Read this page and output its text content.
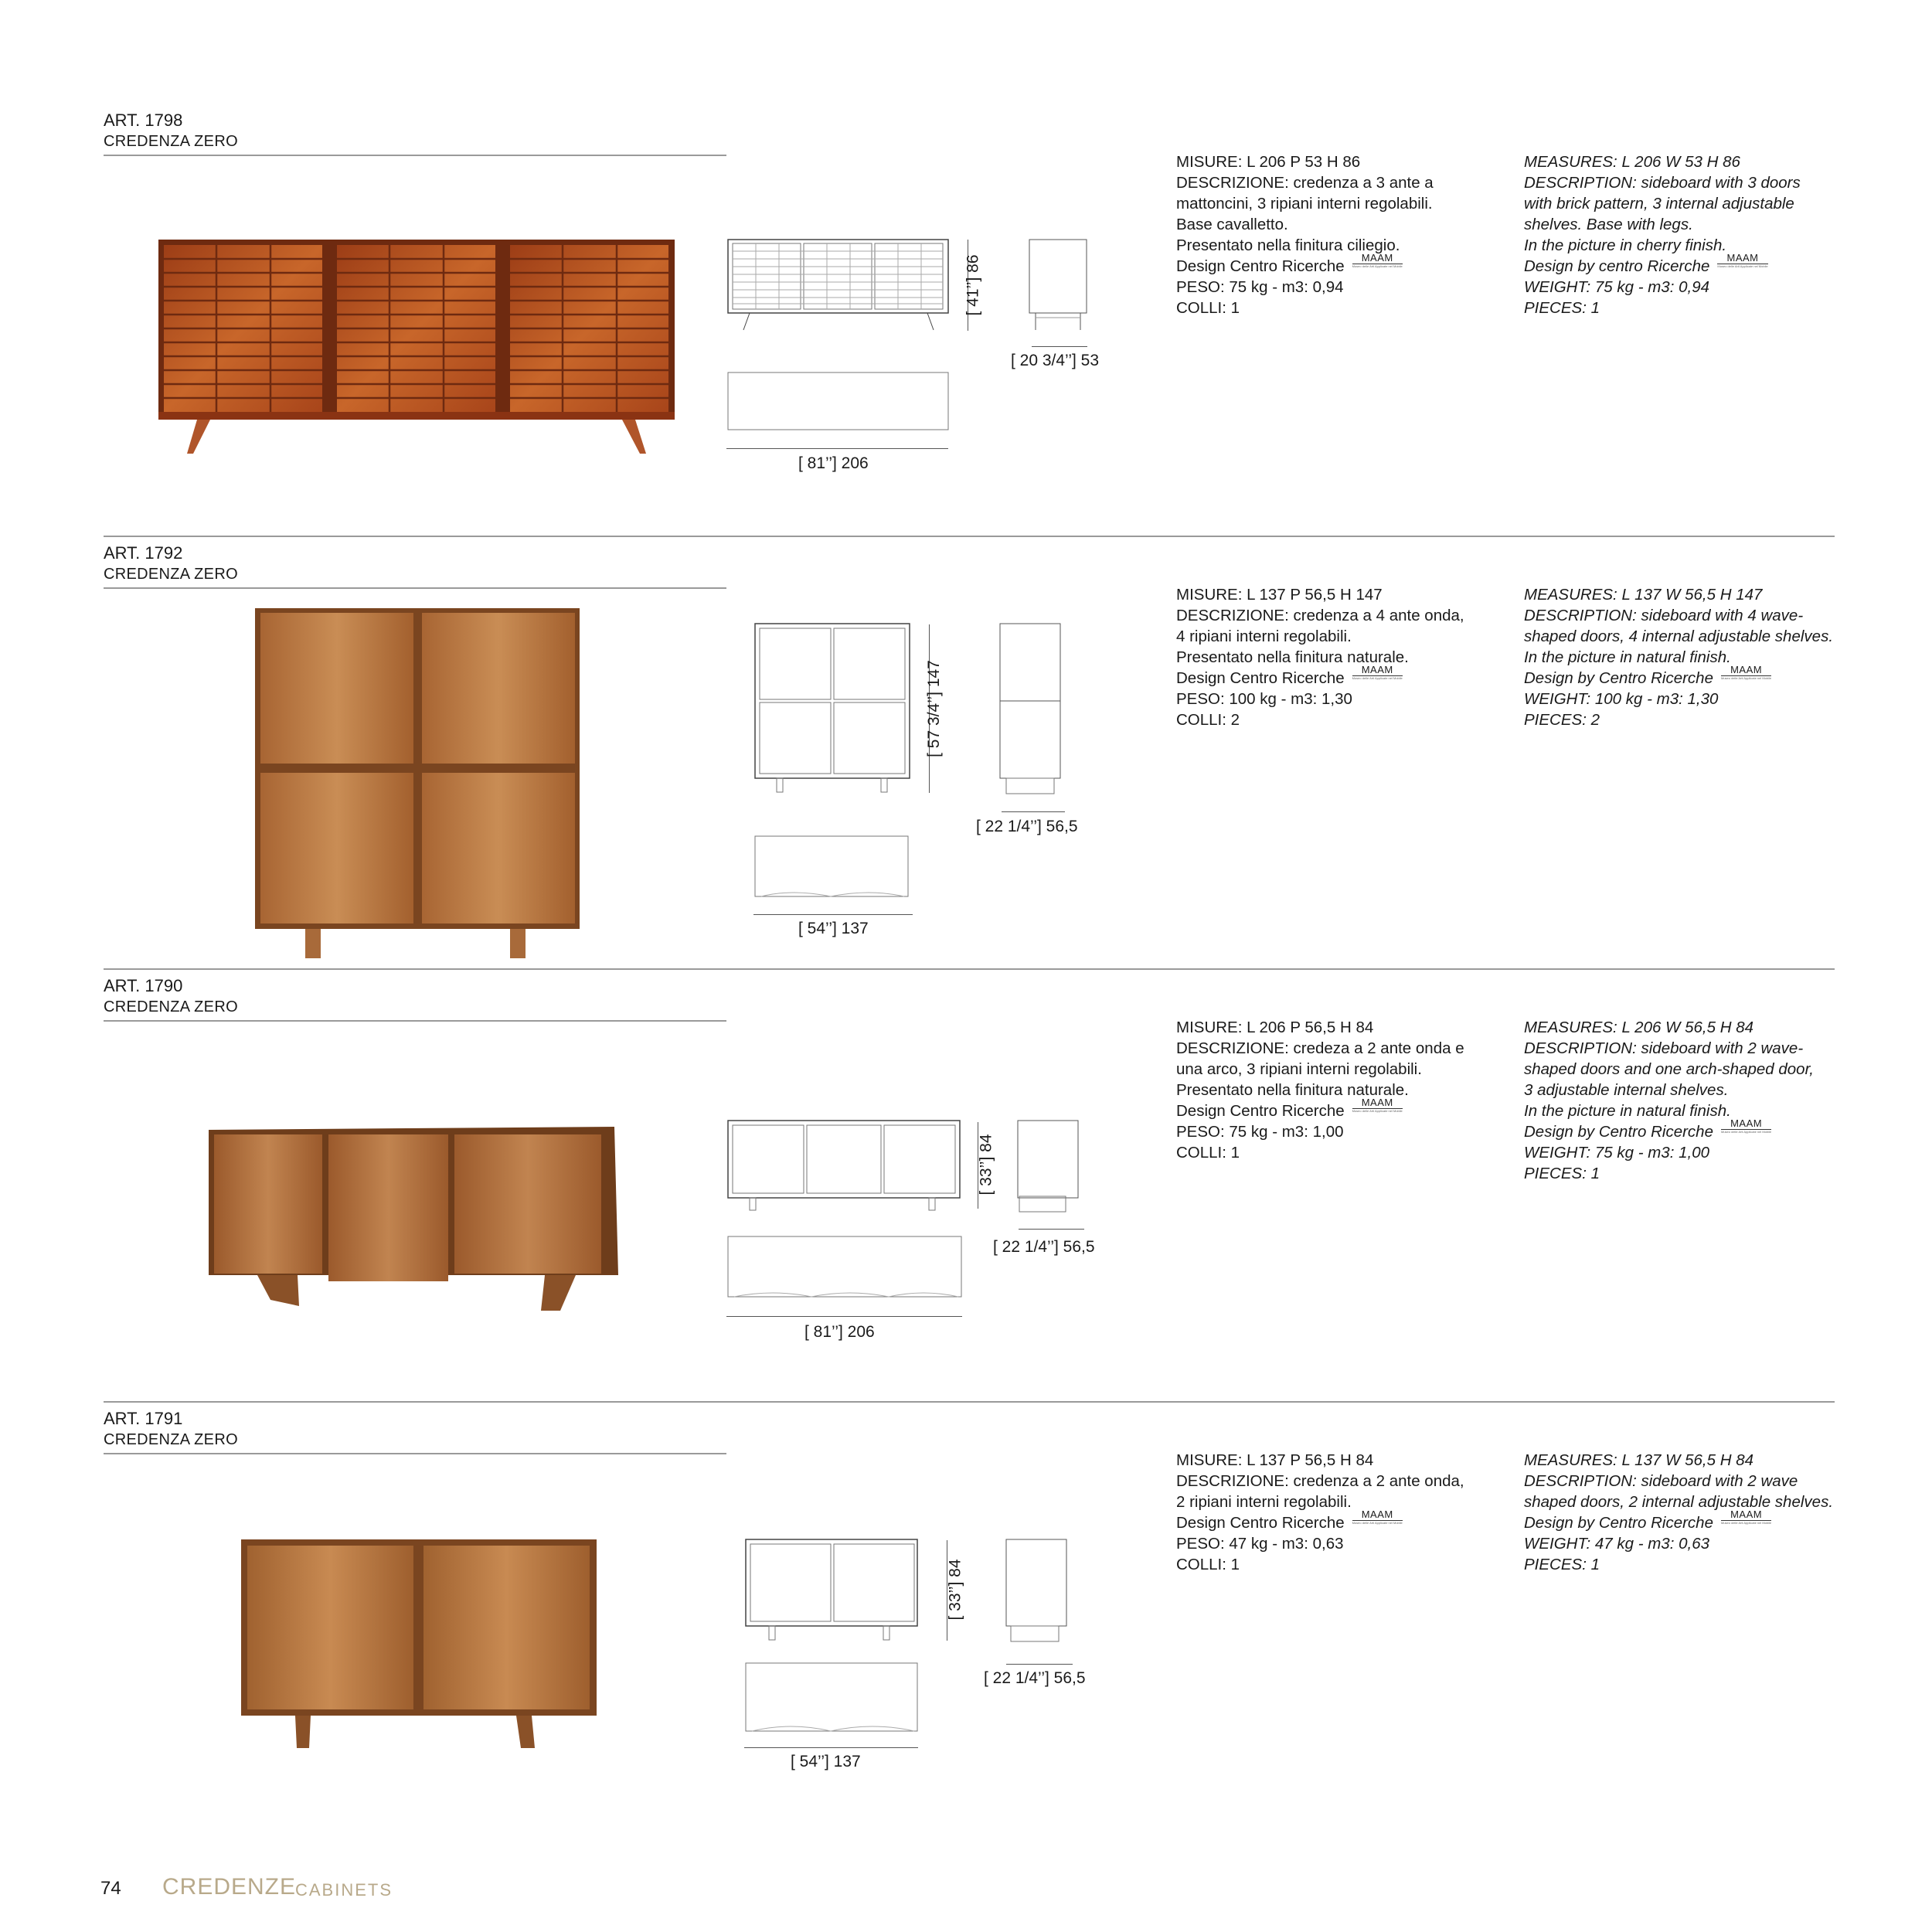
ART. 1798
CREDENZA ZERO
[ 41’’] 86
[ 20 3/4’’] 53
[ 81’’] 206
MISURE: L 206 P 53 H 86
DESCRIZIONE: credenza a 3 ante a
mattoncini, 3 ripiani interni regolabili.
Base cavalletto.
Presentato nella finitura ciliegio.
Design Centro Ricerche	MAAM
Museo delle Arti Applicate nel Mobile
PESO: 75 kg - m3: 0,94
COLLI: 1
MEASURES: L 206 W 53 H 86
DESCRIPTION: sideboard with 3 doors
with brick pattern, 3 internal adjustable
shelves. Base with legs.
In the picture in cherry finish.
Design by centro Ricerche	MAAM
Museo delle Arti Applicate nel Mobile
WEIGHT: 75 kg - m3: 0,94
PIECES: 1
ART. 1792
CREDENZA ZERO
[ 57 3/4’’] 147
[ 22 1/4’’] 56,5
[ 54’’] 137
MISURE: L 137 P 56,5 H 147
DESCRIZIONE: credenza a 4 ante onda,
4 ripiani interni regolabili.
Presentato nella finitura naturale.
Design Centro Ricerche	MAAM
Museo delle Arti Applicate nel Mobile
PESO: 100 kg - m3: 1,30
COLLI: 2
MEASURES: L 137 W 56,5 H 147
DESCRIPTION: sideboard with 4 wave-
shaped doors, 4 internal adjustable shelves.
In the picture in natural finish.
Design by Centro Ricerche	MAAM
Museo delle Arti Applicate nel Mobile
WEIGHT: 100 kg - m3: 1,30
PIECES: 2
ART. 1790
CREDENZA ZERO
[ 33’’] 84
[ 22 1/4’’] 56,5
[ 81’’] 206
MISURE: L 206 P 56,5 H 84
DESCRIZIONE: credeza a 2 ante onda e
una arco, 3 ripiani interni regolabili.
Presentato nella finitura naturale.
Design Centro Ricerche	MAAM
Museo delle Arti Applicate nel Mobile
PESO: 75 kg - m3: 1,00
COLLI: 1
MEASURES: L 206 W 56,5 H 84
DESCRIPTION: sideboard with 2 wave-
shaped doors and one arch-shaped door,
3 adjustable internal shelves.
In the picture in natural finish.
Design by Centro Ricerche	MAAM
Museo delle Arti Applicate nel Mobile
WEIGHT: 75 kg - m3: 1,00
PIECES: 1
ART. 1791
CREDENZA ZERO
[ 33’’] 84
[ 22 1/4’’] 56,5
[ 54’’] 137
MISURE: L 137 P 56,5 H 84
DESCRIZIONE: credenza a 2 ante onda,
2 ripiani interni regolabili.
Design Centro Ricerche	MAAM
Museo delle Arti Applicate nel Mobile
PESO: 47 kg - m3: 0,63
COLLI: 1
MEASURES: L 137 W 56,5 H 84
DESCRIPTION: sideboard with 2 wave
shaped doors, 2 internal adjustable shelves.
Design by Centro Ricerche	MAAM
Museo delle Arti Applicate nel Mobile
WEIGHT: 47 kg - m3: 0,63
PIECES: 1
74 CREDENZE
CABINETS
